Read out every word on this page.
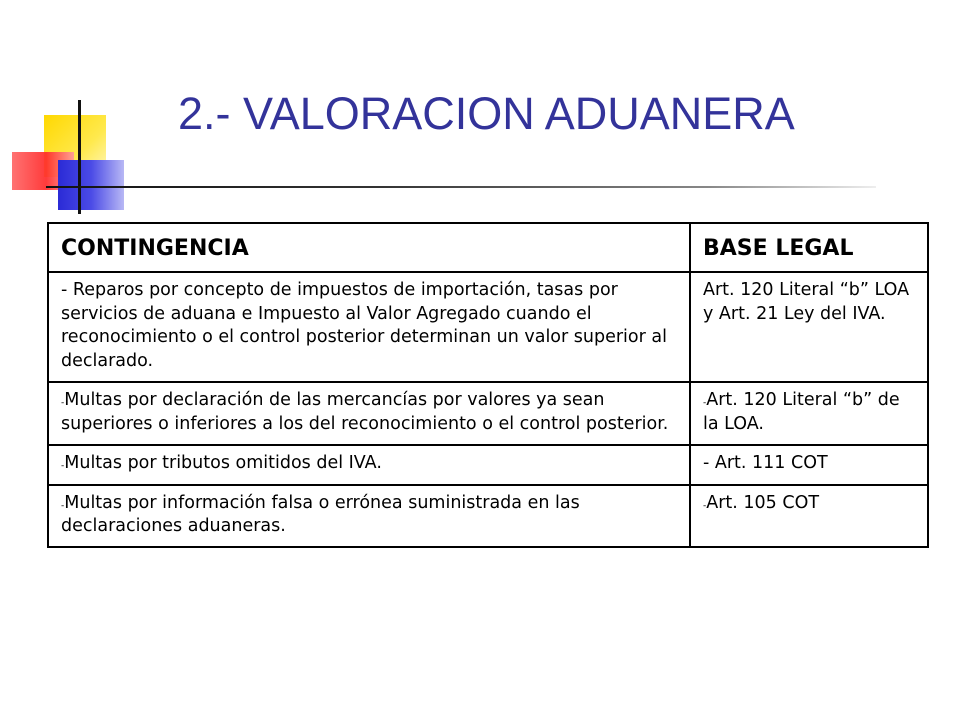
2.- VALORACION ADUANERA
CONTINGENCIA	BASE LEGAL
- Reparos por concepto de impuestos de importación, tasas por servicios de aduana e Impuesto al Valor Agregado cuando el reconocimiento o el control posterior determinan un valor superior al declarado.	Art. 120 Literal “b” LOA y Art. 21 Ley del IVA.
-Multas por declaración de las mercancías por valores ya sean superiores o inferiores a los del reconocimiento o el control posterior.	-Art. 120 Literal “b” de la LOA.
-Multas por tributos omitidos del IVA.	- Art. 111 COT
-Multas por información falsa o errónea suministrada en las declaraciones aduaneras.	-Art. 105 COT
